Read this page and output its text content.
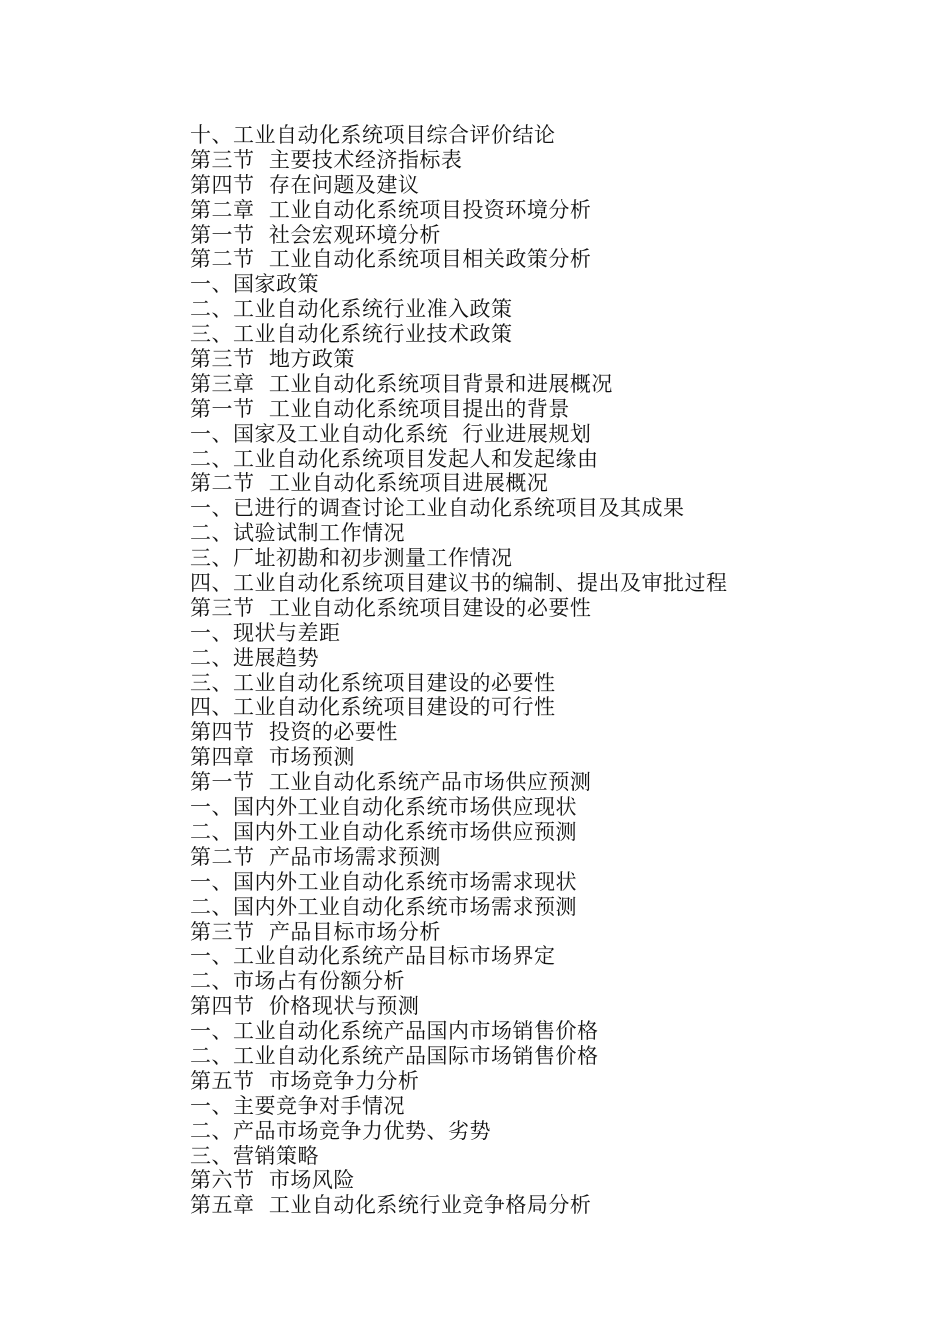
十、工业自动化系统项目综合评价结论
第三节  主要技术经济指标表
第四节  存在问题及建议
第二章  工业自动化系统项目投资环境分析
第一节  社会宏观环境分析
第二节  工业自动化系统项目相关政策分析
一、国家政策
二、工业自动化系统行业准入政策
三、工业自动化系统行业技术政策
第三节  地方政策
第三章  工业自动化系统项目背景和进展概况
第一节  工业自动化系统项目提出的背景
一、国家及工业自动化系统  行业进展规划
二、工业自动化系统项目发起人和发起缘由
第二节  工业自动化系统项目进展概况
一、已进行的调查讨论工业自动化系统项目及其成果
二、试验试制工作情况
三、厂址初勘和初步测量工作情况
四、工业自动化系统项目建议书的编制、提出及审批过程
第三节  工业自动化系统项目建设的必要性
一、现状与差距
二、进展趋势
三、工业自动化系统项目建设的必要性
四、工业自动化系统项目建设的可行性
第四节  投资的必要性
第四章  市场预测
第一节  工业自动化系统产品市场供应预测
一、国内外工业自动化系统市场供应现状
二、国内外工业自动化系统市场供应预测
第二节  产品市场需求预测
一、国内外工业自动化系统市场需求现状
二、国内外工业自动化系统市场需求预测
第三节  产品目标市场分析
一、工业自动化系统产品目标市场界定
二、市场占有份额分析
第四节  价格现状与预测
一、工业自动化系统产品国内市场销售价格
二、工业自动化系统产品国际市场销售价格
第五节  市场竞争力分析
一、主要竞争对手情况
二、产品市场竞争力优势、劣势
三、营销策略
第六节  市场风险
第五章  工业自动化系统行业竞争格局分析
